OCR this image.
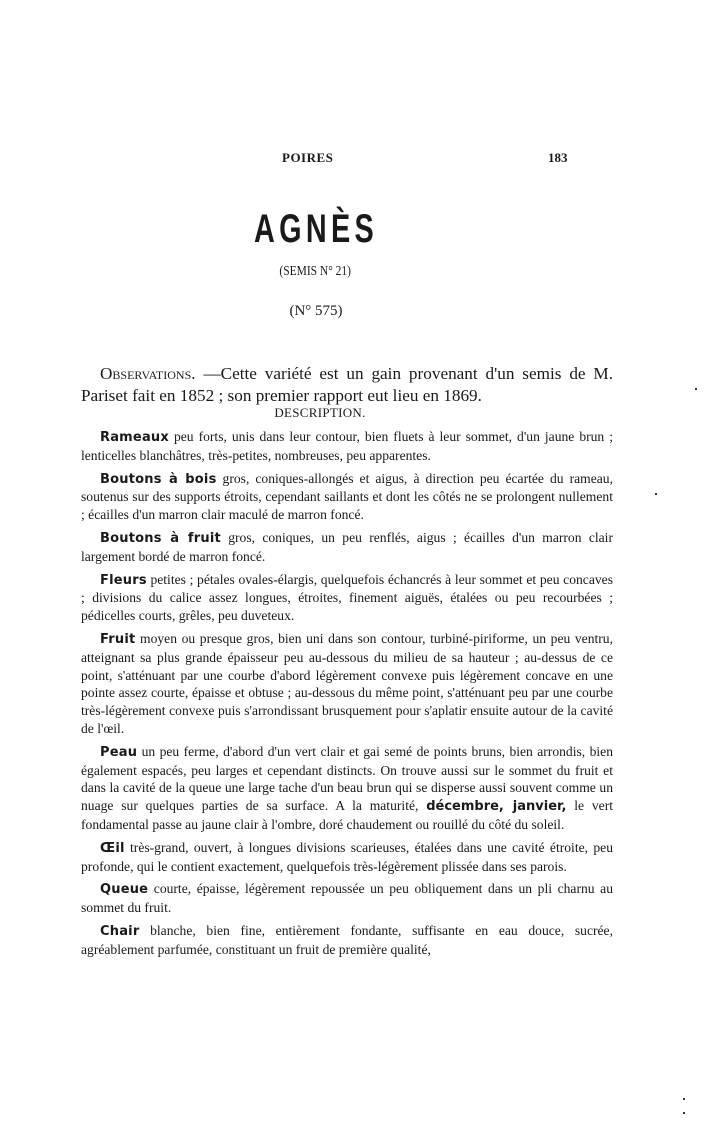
POIRES	183
AGNÈS
(SEMIS N° 21)
(N° 575)

Observations. —Cette variété est un gain provenant d'un semis de M. Pariset fait en 1852 ; son premier rapport eut lieu en 1869.

DESCRIPTION.

Rameaux peu forts, unis dans leur contour, bien fluets à leur sommet, d'un jaune brun ; lenticelles blanchâtres, très-petites, nombreuses, peu apparentes.

Boutons à bois gros, coniques-allongés et aigus, à direction peu écartée du rameau, soutenus sur des supports étroits, cependant saillants et dont les côtés ne se prolongent nullement ; écailles d'un marron clair maculé de marron foncé.

Boutons à fruit gros, coniques, un peu renflés, aigus ; écailles d'un marron clair largement bordé de marron foncé.

Fleurs petites ; pétales ovales-élargis, quelquefois échancrés à leur sommet et peu concaves ; divisions du calice assez longues, étroites, finement aiguës, étalées ou peu recourbées ; pédicelles courts, grêles, peu duveteux.

Fruit moyen ou presque gros, bien uni dans son contour, turbiné-piriforme, un peu ventru, atteignant sa plus grande épaisseur peu au-dessous du milieu de sa hauteur ; au-dessus de ce point, s'atténuant par une courbe d'abord légèrement convexe puis légèrement concave en une pointe assez courte, épaisse et obtuse ; au-dessous du même point, s'atténuant peu par une courbe très-légèrement convexe puis s'arrondissant brusquement pour s'aplatir ensuite autour de la cavité de l'œil.

Peau un peu ferme, d'abord d'un vert clair et gai semé de points bruns, bien arrondis, bien également espacés, peu larges et cependant distincts. On trouve aussi sur le sommet du fruit et dans la cavité de la queue une large tache d'un beau brun qui se disperse aussi souvent comme un nuage sur quelques parties de sa surface. A la maturité, décembre, janvier, le vert fondamental passe au jaune clair à l'ombre, doré chaudement ou rouillé du côté du soleil.

Œil très-grand, ouvert, à longues divisions scarieuses, étalées dans une cavité étroite, peu profonde, qui le contient exactement, quelquefois très-légèrement plissée dans ses parois.

Queue courte, épaisse, légèrement repoussée un peu obliquement dans un pli charnu au sommet du fruit.

Chair blanche, bien fine, entièrement fondante, suffisante en eau douce, sucrée, agréablement parfumée, constituant un fruit de première qualité,
